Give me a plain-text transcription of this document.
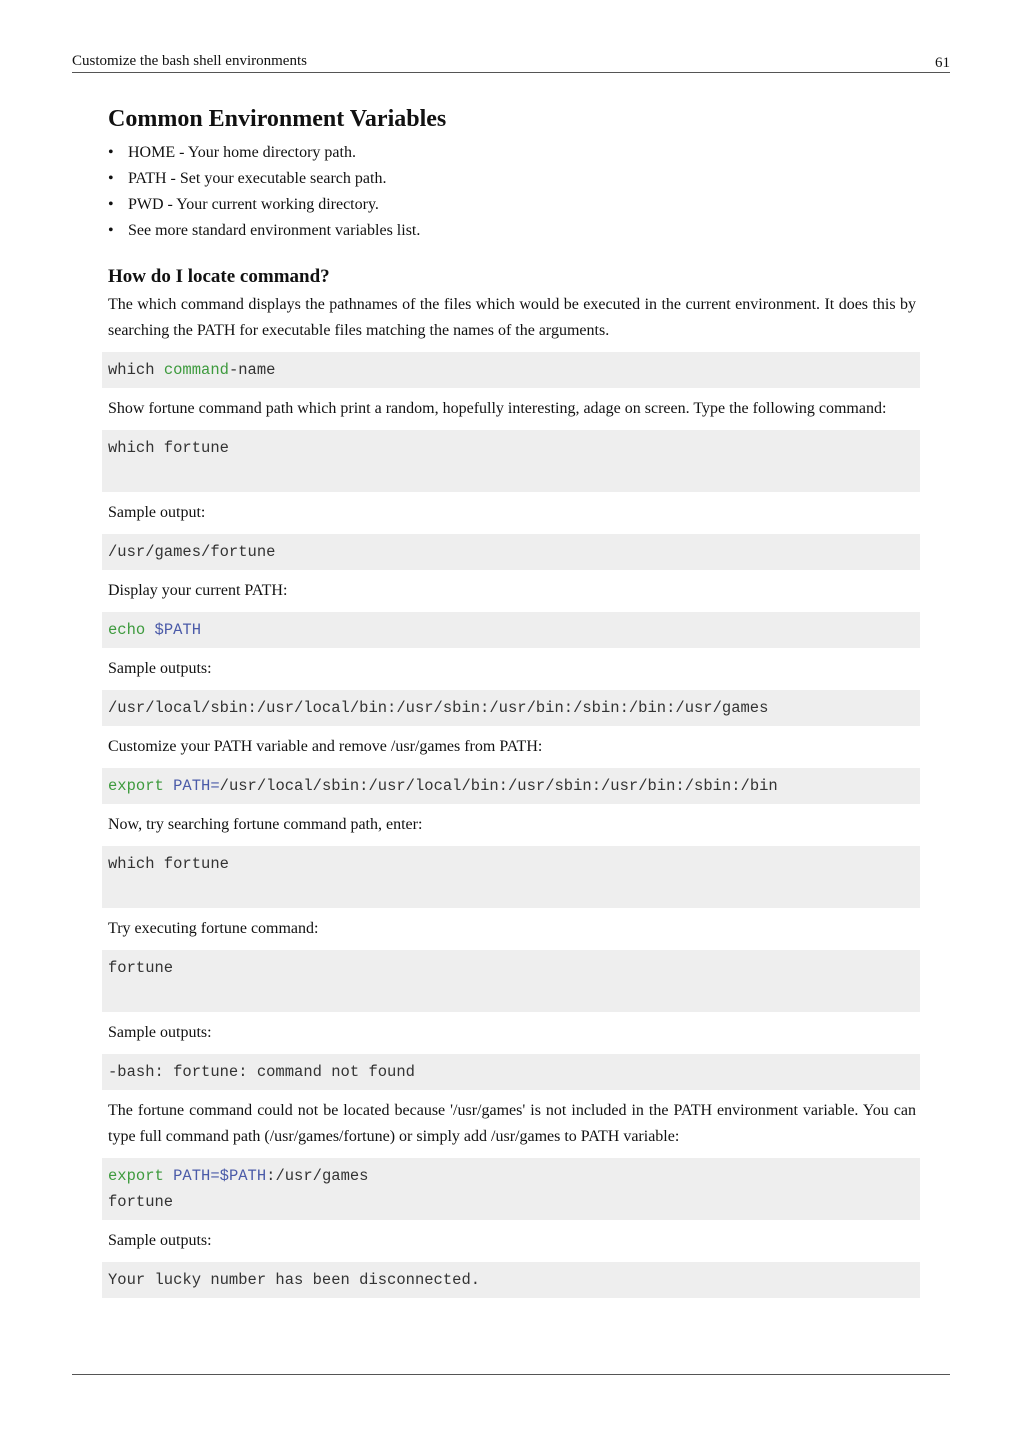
Customize the bash shell environments	61
Common Environment Variables
• HOME - Your home directory path.
• PATH - Set your executable search path.
• PWD - Your current working directory.
• See more standard environment variables list.
How do I locate command?

The which command displays the pathnames of the files which would be executed in the current environment. It does this by searching the PATH for executable files matching the names of the arguments.

which command-name

Show fortune command path which print a random, hopefully interesting, adage on screen. Type the following command:

which fortune

Sample output:

/usr/games/fortune

Display your current PATH:

echo $PATH

Sample outputs:

/usr/local/sbin:/usr/local/bin:/usr/sbin:/usr/bin:/sbin:/bin:/usr/games

Customize your PATH variable and remove /usr/games from PATH:

export PATH=/usr/local/sbin:/usr/local/bin:/usr/sbin:/usr/bin:/sbin:/bin

Now, try searching fortune command path, enter:

which fortune

Try executing fortune command:

fortune

Sample outputs:

-bash: fortune: command not found

The fortune command could not be located because '/usr/games' is not included in the PATH environment variable. You can type full command path (/usr/games/fortune) or simply add /usr/games to PATH variable:

export PATH=$PATH:/usr/games
fortune

Sample outputs:

Your lucky number has been disconnected.
